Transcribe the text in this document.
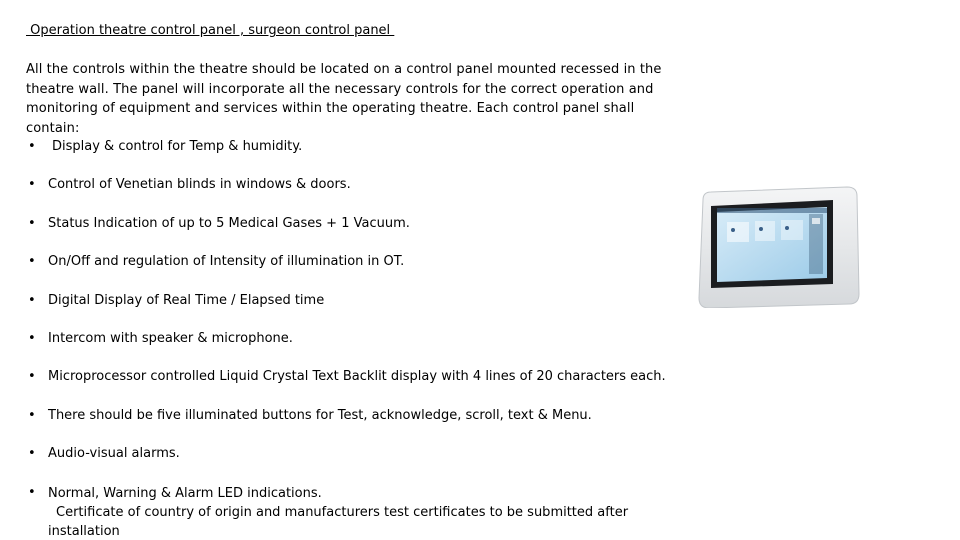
Operation theatre control panel , surgeon control panel
All the controls within the theatre should be located on a control panel mounted recessed in the theatre wall. The panel will incorporate all the necessary controls for the correct operation and monitoring of equipment and services within the operating theatre. Each control panel shall contain:
• Display & control for Temp & humidity.
• Control of Venetian blinds in windows & doors.
• Status Indication of up to 5 Medical Gases + 1 Vacuum.
• On/Off and regulation of Intensity of illumination in OT.
• Digital Display of Real Time / Elapsed time
• Intercom with speaker & microphone.
• Microprocessor controlled Liquid Crystal Text Backlit display with 4 lines of 20 characters each.
• There should be five illuminated buttons for Test, acknowledge, scroll, text & Menu.
• Audio-visual alarms.
• Normal, Warning & Alarm LED indications.
Certificate of country of origin and manufacturers test certificates to be submitted after
installation
